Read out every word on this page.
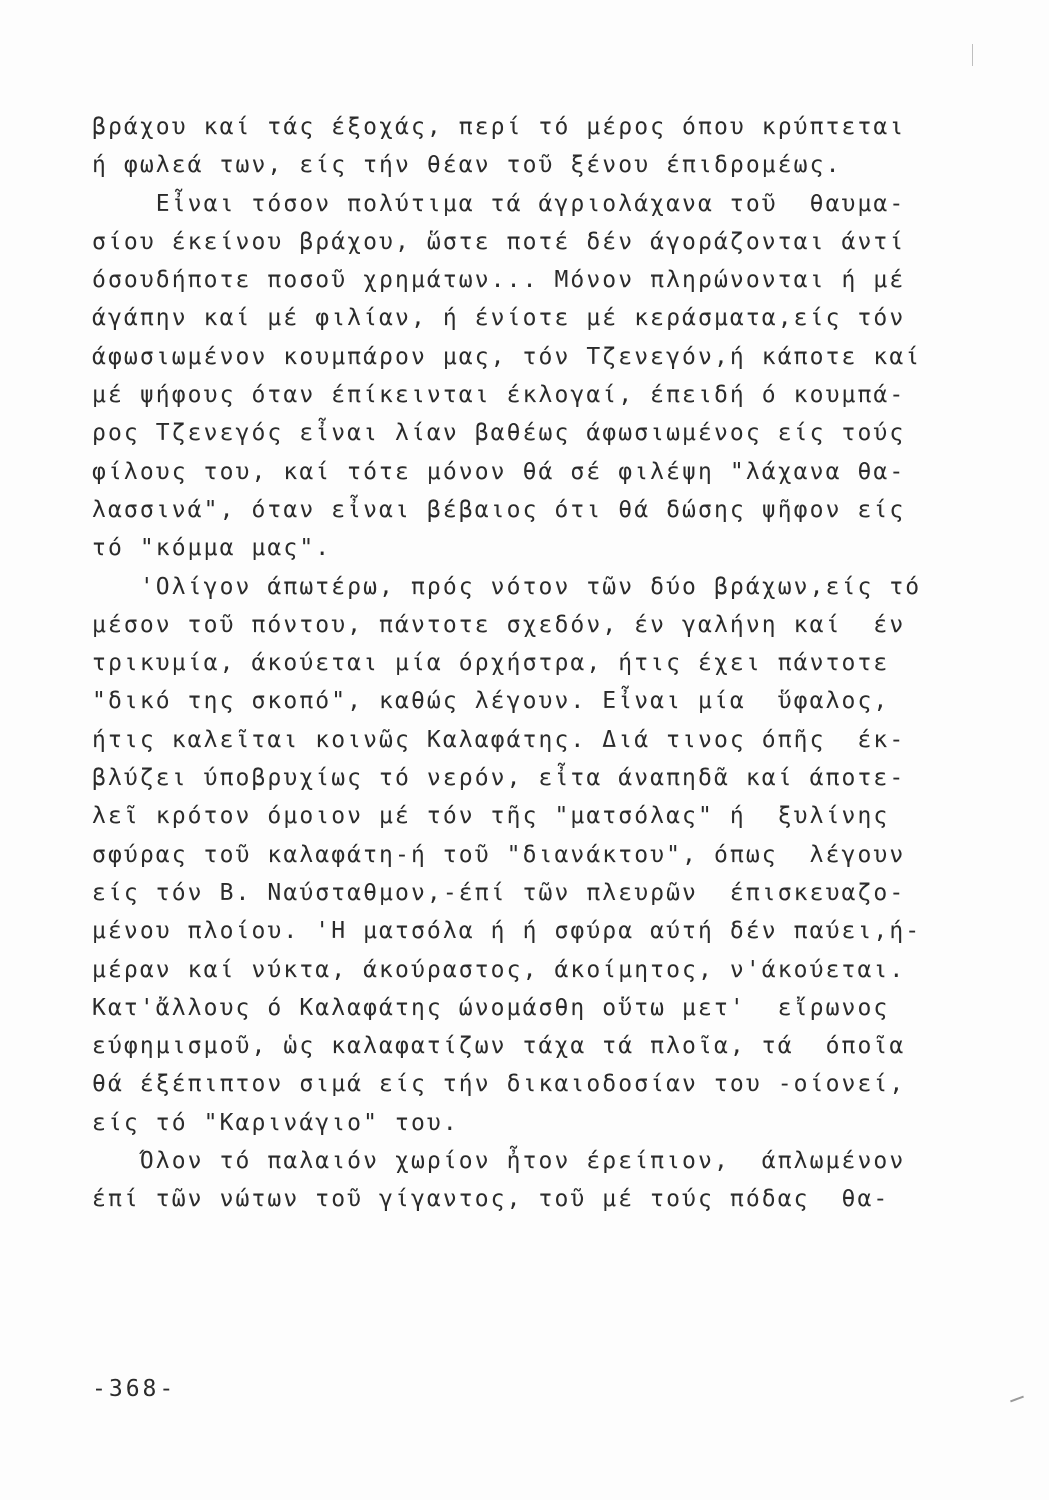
βράχου καί τάς έξοχάς, περί τό μέρος όπου κρύπτεται
ή φωλεά των, είς τήν θέαν τοῦ ξένου έπιδρομέως.
Εἶναι τόσον πολύτιμα τά άγριολάχανα τοῦ  θαυμα-
σίου έκείνου βράχου, ὥστε ποτέ δέν άγοράζονται άντί
όσουδήποτε ποσοῦ χρημάτων... Μόνον πληρώνονται ή μέ
άγάπην καί μέ φιλίαν, ή ένίοτε μέ κεράσματα,είς τόν
άφωσιωμένον κουμπάρον μας, τόν Τζενεγόν,ή κάποτε καί
μέ ψήφους όταν έπίκεινται έκλογαί, έπειδή ό κουμπά-
ρος Τζενεγός εἶναι λίαν βαθέως άφωσιωμένος είς τούς
φίλους του, καί τότε μόνον θά σέ φιλέψη "λάχανα θα-
λασσινά", όταν εἶναι βέβαιος ότι θά δώσης ψῆφον είς
τό "κόμμα μας".
'Ολίγον άπωτέρω, πρός νότον τῶν δύο βράχων,είς τό
μέσον τοῦ πόντου, πάντοτε σχεδόν, έν γαλήνη καί  έν
τρικυμία, άκούεται μία όρχήστρα, ήτις έχει πάντοτε
"δικό της σκοπό", καθώς λέγουν. Εἶναι μία  ὕφαλος,
ήτις καλεῖται κοινῶς Καλαφάτης. Διά τινος όπῆς  έκ-
βλύζει ύποβρυχίως τό νερόν, εἶτα άναπηδᾶ καί άποτε-
λεῖ κρότον όμοιον μέ τόν τῆς "ματσόλας" ή  ξυλίνης
σφύρας τοῦ καλαφάτη-ή τοῦ "διανάκτου", όπως  λέγουν
είς τόν Β. Ναύσταθμον,-έπί τῶν πλευρῶν  έπισκευαζο-
μένου πλοίου. 'Η ματσόλα ή ή σφύρα αύτή δέν παύει,ή-
μέραν καί νύκτα, άκούραστος, άκοίμητος, ν'άκούεται.
Κατ'ἄλλους ό Καλαφάτης ώνομάσθη οὕτω μετ'  εἴρωνος
εύφημισμοῦ, ὡς καλαφατίζων τάχα τά πλοῖα, τά  όποῖα
θά έξέπιπτον σιμά είς τήν δικαιοδοσίαν του -οίονεί,
είς τό "Καρινάγιο" του.
Όλον τό παλαιόν χωρίον ἦτον έρείπιον,  άπλωμένον
έπί τῶν νώτων τοῦ γίγαντος, τοῦ μέ τούς πόδας  θα-
-368-
